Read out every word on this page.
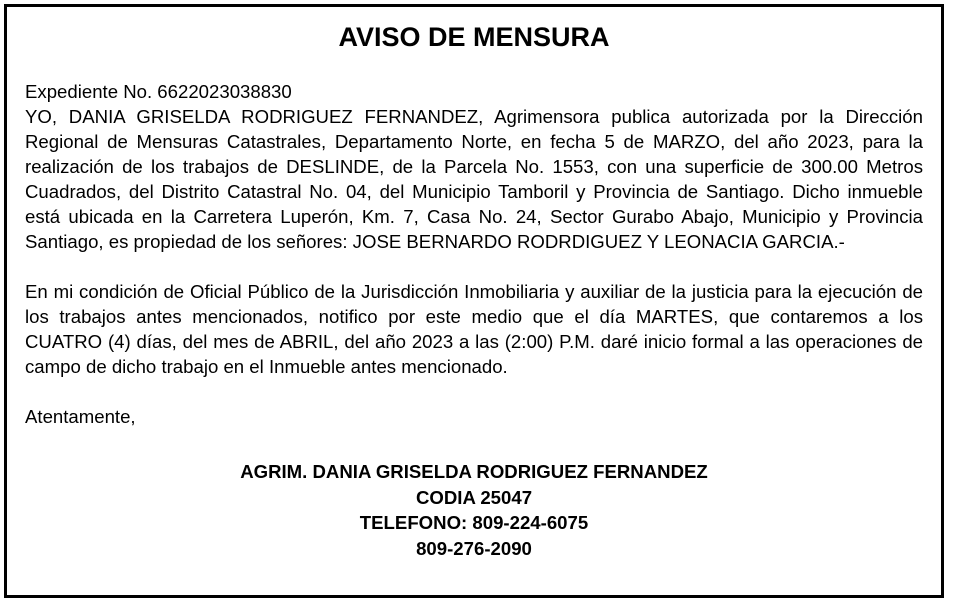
AVISO DE MENSURA

Expediente No. 6622023038830

YO, DANIA GRISELDA RODRIGUEZ FERNANDEZ, Agrimensora publica autorizada por la Dirección Regional de Mensuras Catastrales, Departamento Norte, en fecha 5 de MARZO, del año 2023, para la realización de los trabajos de DESLINDE, de la Parcela No. 1553, con una superficie de 300.00 Metros Cuadrados, del Distrito Catastral No. 04, del Municipio Tamboril y Provincia de Santiago. Dicho inmueble está ubicada en la Carretera Luperón, Km. 7, Casa No. 24, Sector Gurabo Abajo, Municipio y Provincia Santiago, es propiedad de los señores: JOSE BERNARDO RODRDIGUEZ Y LEONACIA GARCIA.-

En mi condición de Oficial Público de la Jurisdicción Inmobiliaria y auxiliar de la justicia para la ejecución de los trabajos antes mencionados, notifico por este medio que el día MARTES, que contaremos a los CUATRO (4) días, del mes de ABRIL, del año 2023 a las (2:00) P.M. daré inicio formal a las operaciones de campo de dicho trabajo en el Inmueble antes mencionado.

Atentamente,

AGRIM. DANIA GRISELDA RODRIGUEZ FERNANDEZ
CODIA 25047
TELEFONO: 809-224-6075
809-276-2090
